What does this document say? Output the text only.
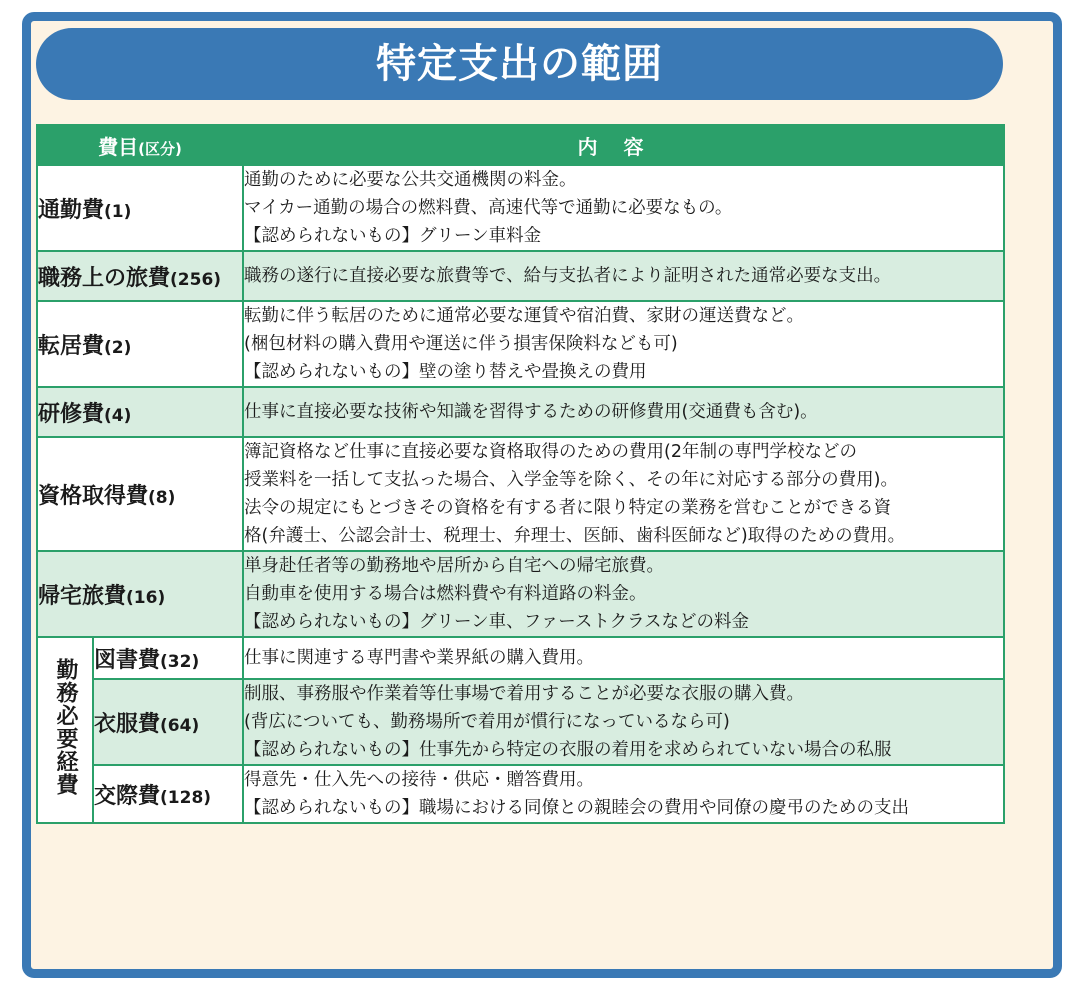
特定支出の範囲
費目(区分)		内容
通勤費(1)		通勤のために必要な公共交通機関の料金。
マイカー通勤の場合の燃料費、高速代等で通勤に必要なもの。
【認められないもの】グリーン車料金

職務上の旅費(256)		職務の遂行に直接必要な旅費等で、給与支払者により証明された通常必要な支出。

転居費(2)		転勤に伴う転居のために通常必要な運賃や宿泊費、家財の運送費など。
(梱包材料の購入費用や運送に伴う損害保険料なども可)
【認められないもの】壁の塗り替えや畳換えの費用

研修費(4)		仕事に直接必要な技術や知識を習得するための研修費用(交通費も含む)。

資格取得費(8)		簿記資格など仕事に直接必要な資格取得のための費用(2年制の専門学校などの
授業料を一括して支払った場合、入学金等を除く、その年に対応する部分の費用)。
法令の規定にもとづきその資格を有する者に限り特定の業務を営むことができる資
格(弁護士、公認会計士、税理士、弁理士、医師、歯科医師など)取得のための費用。

帰宅旅費(16)		単身赴任者等の勤務地や居所から自宅への帰宅旅費。
自動車を使用する場合は燃料費や有料道路の料金。
【認められないもの】グリーン車、ファーストクラスなどの料金

勤務必要経費	図書費(32)	仕事に関連する専門書や業界紙の購入費用。

	衣服費(64)	制服、事務服や作業着等仕事場で着用することが必要な衣服の購入費。
(背広についても、勤務場所で着用が慣行になっているなら可)
【認められないもの】仕事先から特定の衣服の着用を求められていない場合の私服

	交際費(128)	得意先・仕入先への接待・供応・贈答費用。
【認められないもの】職場における同僚との親睦会の費用や同僚の慶弔のための支出
